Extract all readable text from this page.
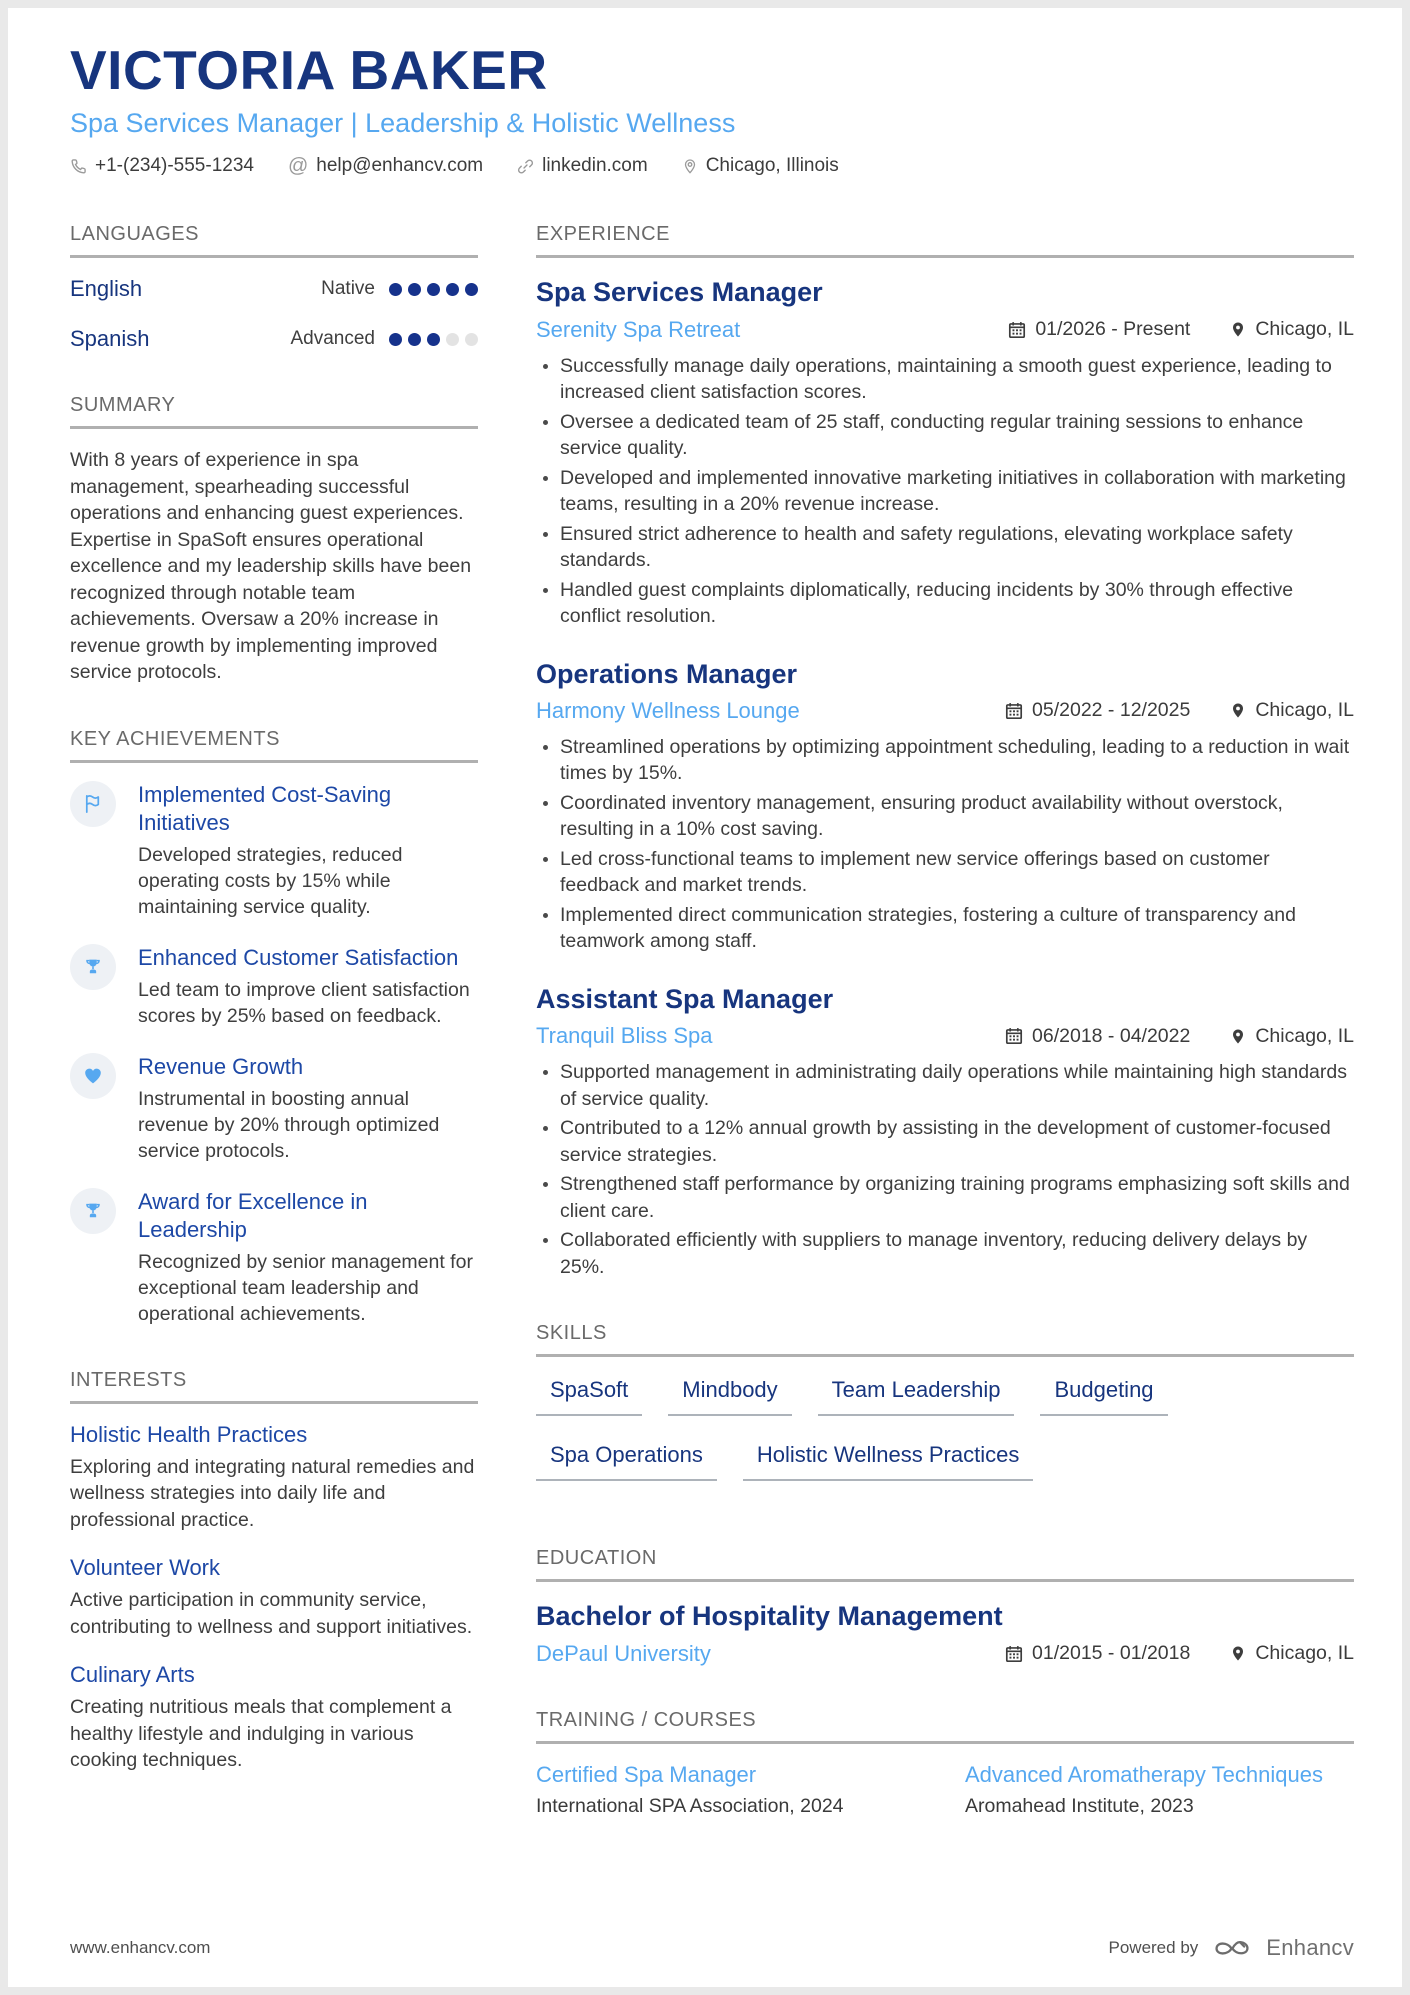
VICTORIA BAKER
Spa Services Manager | Leadership & Holistic Wellness
+1-(234)-555-1234 @ help@enhancv.com	linkedin.com	Chicago, Illinois
LANGUAGES
English	Native
Spanish	Advanced
SUMMARY

With 8 years of experience in spa management, spearheading successful operations and enhancing guest experiences. Expertise in SpaSoft ensures operational excellence and my leadership skills have been recognized through notable team achievements. Oversaw a 20% increase in revenue growth by implementing improved service protocols.

KEY ACHIEVEMENTS
Implemented Cost-Saving Initiatives
Developed strategies, reduced operating costs by 15% while maintaining service quality.
Enhanced Customer Satisfaction
Led team to improve client satisfaction scores by 25% based on feedback.
Revenue Growth
Instrumental in boosting annual revenue by 20% through optimized service protocols.
Award for Excellence in Leadership
Recognized by senior management for exceptional team leadership and operational achievements.
INTERESTS
Holistic Health Practices
Exploring and integrating natural remedies and wellness strategies into daily life and professional practice.
Volunteer Work
Active participation in community service, contributing to wellness and support initiatives.
Culinary Arts
Creating nutritious meals that complement a healthy lifestyle and indulging in various cooking techniques.
EXPERIENCE
Spa Services Manager
Serenity Spa Retreat	01/2026 - Present	Chicago, IL
Successfully manage daily operations, maintaining a smooth guest experience, leading to increased client satisfaction scores.
Oversee a dedicated team of 25 staff, conducting regular training sessions to enhance service quality.
Developed and implemented innovative marketing initiatives in collaboration with marketing teams, resulting in a 20% revenue increase.
Ensured strict adherence to health and safety regulations, elevating workplace safety standards.
Handled guest complaints diplomatically, reducing incidents by 30% through effective conflict resolution.
Operations Manager
Harmony Wellness Lounge	05/2022 - 12/2025	Chicago, IL
Streamlined operations by optimizing appointment scheduling, leading to a reduction in wait times by 15%.
Coordinated inventory management, ensuring product availability without overstock, resulting in a 10% cost saving.
Led cross-functional teams to implement new service offerings based on customer feedback and market trends.
Implemented direct communication strategies, fostering a culture of transparency and teamwork among staff.
Assistant Spa Manager
Tranquil Bliss Spa	06/2018 - 04/2022	Chicago, IL
Supported management in administrating daily operations while maintaining high standards of service quality.
Contributed to a 12% annual growth by assisting in the development of customer-focused service strategies.
Strengthened staff performance by organizing training programs emphasizing soft skills and client care.
Collaborated efficiently with suppliers to manage inventory, reducing delivery delays by 25%.
SKILLS
SpaSoft	Mindbody	Team Leadership	Budgeting
Spa Operations	Holistic Wellness Practices
EDUCATION
Bachelor of Hospitality Management
DePaul University	01/2015 - 01/2018	Chicago, IL
TRAINING / COURSES
Certified Spa Manager
International SPA Association, 2024
Advanced Aromatherapy Techniques
Aromahead Institute, 2023
www.enhancv.com	Powered by	Enhancv
